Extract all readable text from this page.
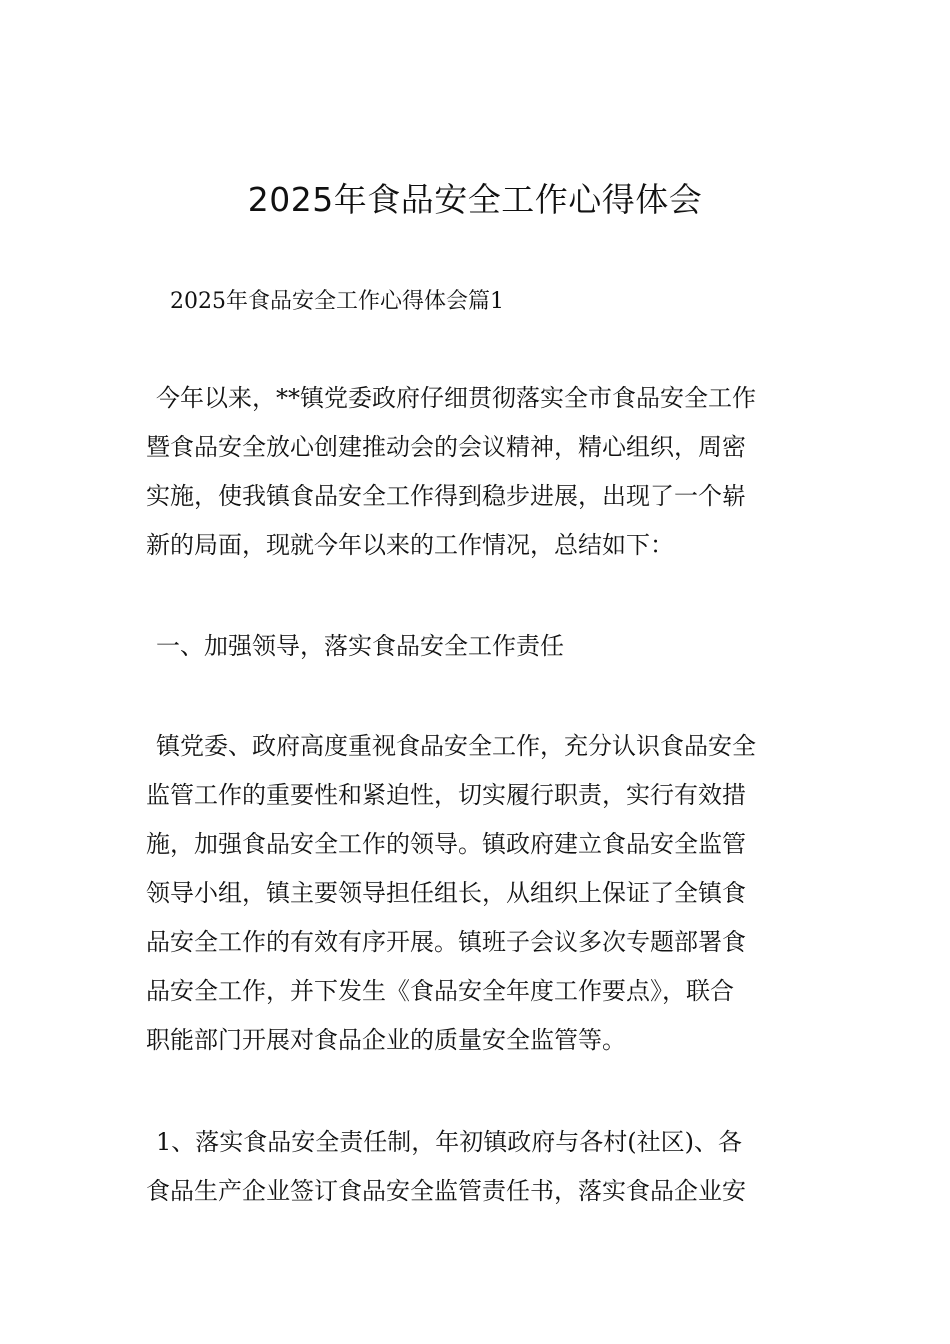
2025年食品安全工作心得体会

2025年食品安全工作心得体会篇1

今年以来，**镇党委政府仔细贯彻落实全市食品安全工作

暨食品安全放心创建推动会的会议精神，精心组织，周密

实施，使我镇食品安全工作得到稳步进展，出现了一个崭

新的局面，现就今年以来的工作情况，总结如下：

一、加强领导，落实食品安全工作责任

镇党委、政府高度重视食品安全工作，充分认识食品安全

监管工作的重要性和紧迫性，切实履行职责，实行有效措

施，加强食品安全工作的领导。镇政府建立食品安全监管

领导小组，镇主要领导担任组长，从组织上保证了全镇食

品安全工作的有效有序开展。镇班子会议多次专题部署食

品安全工作，并下发生《食品安全年度工作要点》，联合

职能部门开展对食品企业的质量安全监管等。

1、落实食品安全责任制，年初镇政府与各村(社区)、各

食品生产企业签订食品安全监管责任书，落实食品企业安
